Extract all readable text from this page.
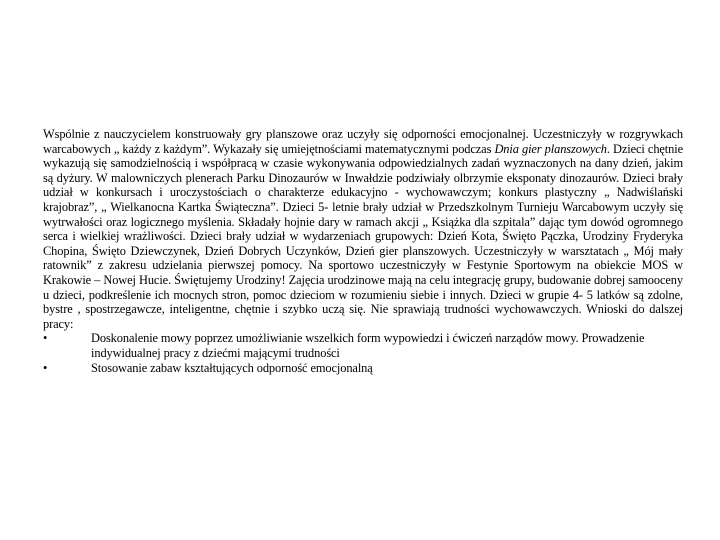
Wspólnie z nauczycielem konstruowały gry planszowe oraz uczyły się odporności emocjonalnej. Uczestniczyły w rozgrywkach warcabowych „ każdy z każdym”. Wykazały się umiejętnościami matematycznymi podczas Dnia gier planszowych. Dzieci chętnie wykazują się samodzielnością i współpracą w czasie wykonywania odpowiedzialnych zadań wyznaczonych na dany dzień, jakim są dyżury. W malowniczych plenerach Parku Dinozaurów w Inwałdzie podziwiały olbrzymie eksponaty dinozaurów. Dzieci brały udział w konkursach i uroczystościach o charakterze edukacyjno - wychowawczym; konkurs plastyczny „ Nadwiślański krajobraz”, „ Wielkanocna Kartka Świąteczna”. Dzieci 5- letnie brały udział w Przedszkolnym Turnieju Warcabowym uczyły się wytrwałości oraz logicznego myślenia. Składały hojnie dary w ramach akcji „ Książka dla szpitala” dając tym dowód ogromnego serca i wielkiej wrażliwości. Dzieci brały udział w wydarzeniach grupowych: Dzień Kota, Święto Pączka, Urodziny Fryderyka Chopina, Święto Dziewczynek, Dzień Dobrych Uczynków, Dzień gier planszowych. Uczestniczyły w warsztatach „ Mój mały ratownik” z zakresu udzielania pierwszej pomocy. Na sportowo uczestniczyły w Festynie Sportowym na obiekcie MOS w Krakowie – Nowej Hucie. Świętujemy Urodziny! Zajęcia urodzinowe mają na celu integrację grupy, budowanie dobrej samooceny u dzieci, podkreślenie ich mocnych stron, pomoc dzieciom w rozumieniu siebie i innych. Dzieci w grupie 4- 5 latków są zdolne, bystre , spostrzegawcze, inteligentne, chętnie i szybko uczą się. Nie sprawiają trudności wychowawczych. Wnioski do dalszej pracy:

•	Doskonalenie mowy poprzez umożliwianie wszelkich form wypowiedzi i ćwiczeń narządów mowy. Prowadzenie indywidualnej pracy z dziećmi mającymi trudności
•	Stosowanie zabaw kształtujących odporność emocjonalną
